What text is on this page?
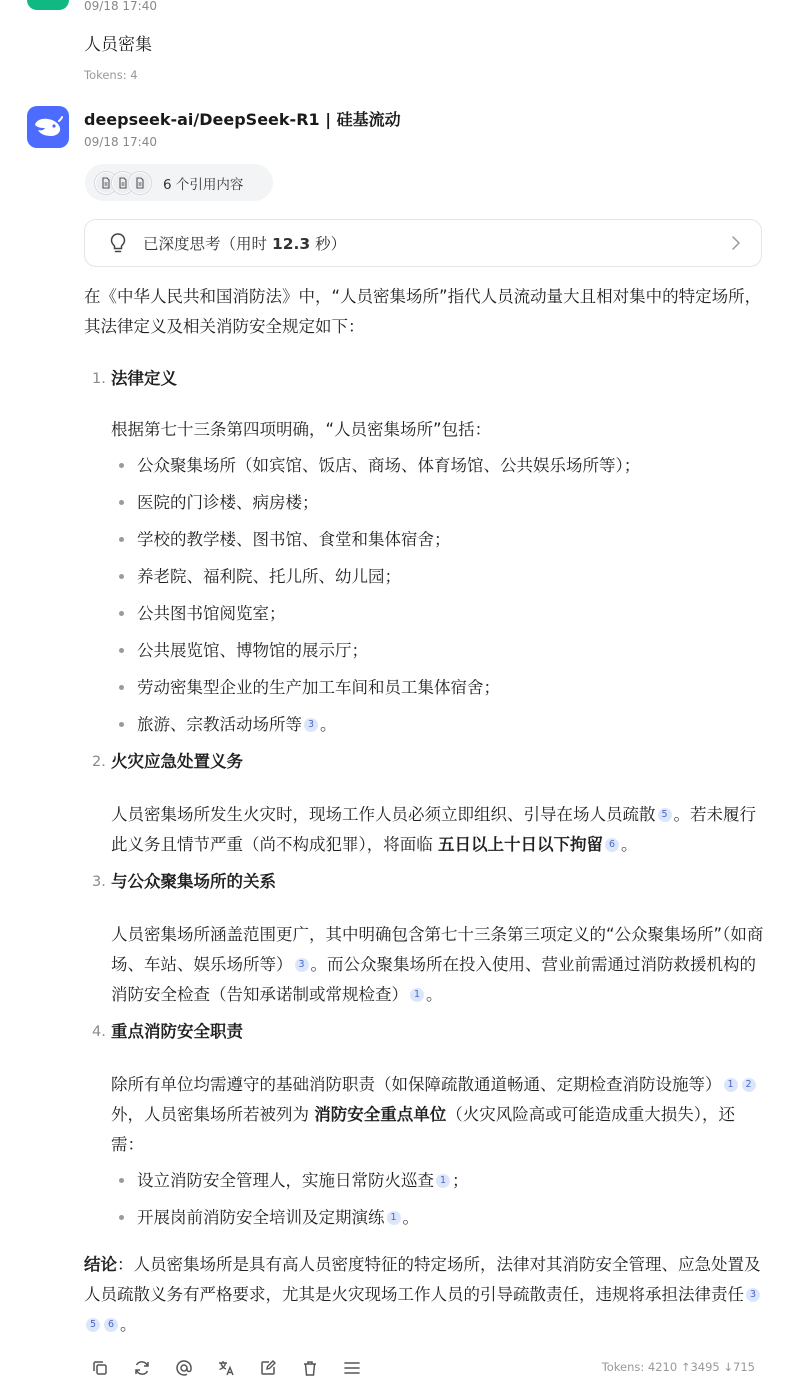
09/18 17:40
人员密集
Tokens: 4
deepseek-ai/DeepSeek-R1 | 硅基流动
09/18 17:40
6 个引用内容
已深度思考（用时 12.3 秒）

在《中华人民共和国消防法》中，“人员密集场所”指代人员流动量大且相对集中的特定场所，其法律定义及相关消防安全规定如下：

1. 法律定义

根据第七十三条第四项明确，“人员密集场所”包括：

公众聚集场所（如宾馆、饭店、商场、体育场馆、公共娱乐场所等）；
医院的门诊楼、病房楼；
学校的教学楼、图书馆、食堂和集体宿舍；
养老院、福利院、托儿所、幼儿园；
公共图书馆阅览室；
公共展览馆、博物馆的展示厅；
劳动密集型企业的生产加工车间和员工集体宿舍；
旅游、宗教活动场所等 3 。
2. 火灾应急处置义务

人员密集场所发生火灾时，现场工作人员必须立即组织、引导在场人员疏散 5 。若未履行此义务且情节严重（尚不构成犯罪），将面临 五日以上十日以下拘留 6 。

3. 与公众聚集场所的关系

人员密集场所涵盖范围更广，其中明确包含第七十三条第三项定义的“公众聚集场所”（如商场、车站、娱乐场所等） 3 。而公众聚集场所在投入使用、营业前需通过消防救援机构的消防安全检查（告知承诺制或常规检查） 1 。

4. 重点消防安全职责

除所有单位均需遵守的基础消防职责（如保障疏散通道畅通、定期检查消防设施等） 1 2外，人员密集场所若被列为 消防安全重点单位（火灾风险高或可能造成重大损失），还需：

设立消防安全管理人，实施日常防火巡查 1 ；
开展岗前消防安全培训及定期演练 1 。

结论：人员密集场所是具有高人员密度特征的特定场所，法律对其消防安全管理、应急处置及人员疏散义务有严格要求，尤其是火灾现场工作人员的引导疏散责任，违规将承担法律责任 35 6 。

Tokens: 4210 ↑3495 ↓715
